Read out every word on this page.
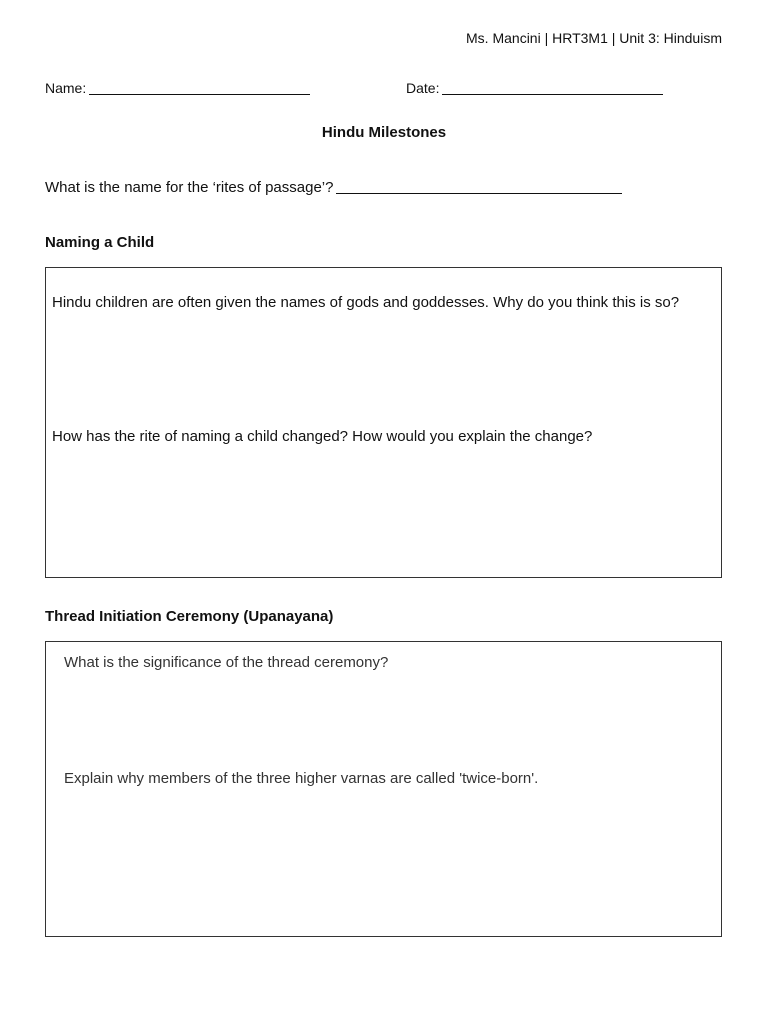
Ms. Mancini | HRT3M1 | Unit 3: Hinduism
Name:	Date:
Hindu Milestones
What is the name for the ‘rites of passage’?
Naming a Child
Hindu children are often given the names of gods and goddesses. Why do you think this is so?
How has the rite of naming a child changed? How would you explain the change?
Thread Initiation Ceremony (Upanayana)
What is the significance of the thread ceremony?
Explain why members of the three higher varnas are called 'twice-born'.
